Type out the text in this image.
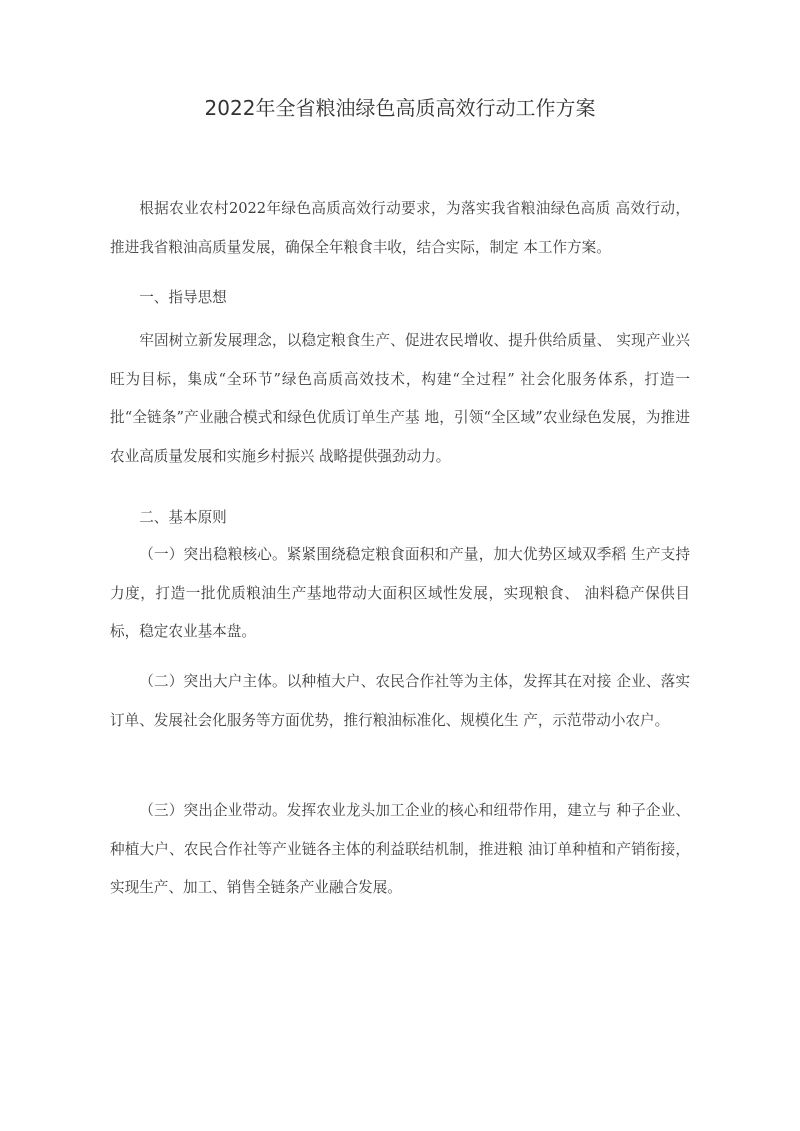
2022年全省粮油绿色高质高效行动工作方案
根据农业农村2022年绿色高质高效行动要求，为落实我省粮油绿色高质 高效行动，推进我省粮油高质量发展，确保全年粮食丰收，结合实际，制定 本工作方案。
一、指导思想
牢固树立新发展理念，以稳定粮食生产、促进农民增收、提升供给质量、 实现产业兴旺为目标，集成“全环节”绿色高质高效技术，构建“全过程” 社会化服务体系，打造一批“全链条”产业融合模式和绿色优质订单生产基 地，引领“全区域”农业绿色发展，为推进农业高质量发展和实施乡村振兴 战略提供强劲动力。
二、基本原则
（一）突出稳粮核心。紧紧围绕稳定粮食面积和产量，加大优势区域双季稻 生产支持力度，打造一批优质粮油生产基地带动大面积区域性发展，实现粮食、 油料稳产保供目标，稳定农业基本盘。
（二）突出大户主体。以种植大户、农民合作社等为主体，发挥其在对接 企业、落实订单、发展社会化服务等方面优势，推行粮油标准化、规模化生 产，示范带动小农户。
（三）突出企业带动。发挥农业龙头加工企业的核心和纽带作用，建立与 种子企业、种植大户、农民合作社等产业链各主体的利益联结机制，推进粮 油订单种植和产销衔接，实现生产、加工、销售全链条产业融合发展。
